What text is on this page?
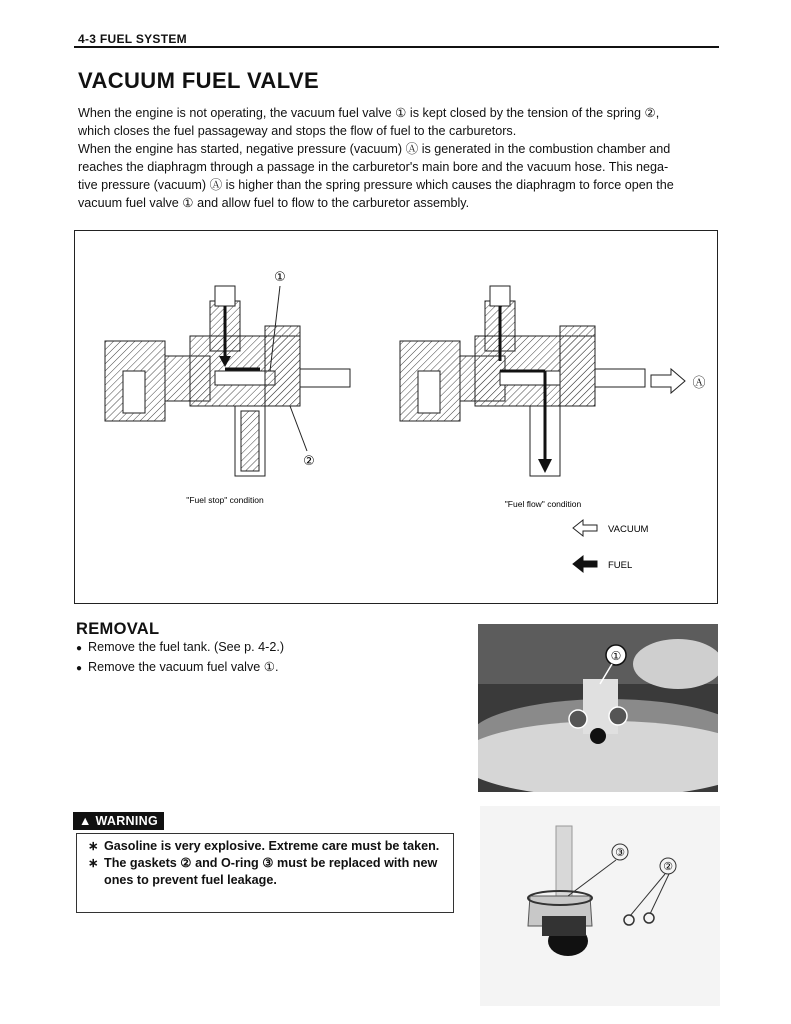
4-3 FUEL SYSTEM
VACUUM FUEL VALVE

When the engine is not operating, the vacuum fuel valve ① is kept closed by the tension of the spring ②,

which closes the fuel passageway and stops the flow of fuel to the carburetors.

When the engine has started, negative pressure (vacuum) Ⓐ is generated in the combustion chamber and

reaches the diaphragm through a passage in the carburetor's main bore and the vacuum hose. This nega-

tive pressure (vacuum) Ⓐ is higher than the spring pressure which causes the diaphragm to force open the

vacuum fuel valve ① and allow fuel to flow to the carburetor assembly.

①
②
Ⓐ
"Fuel stop" condition	"Fuel flow" condition
VACUUM
FUEL
REMOVAL
● Remove the fuel tank. (See p. 4-2.)
● Remove the vacuum fuel valve ①.
①
▲ WARNING
∗ Gasoline is very explosive. Extreme care must be taken.
∗ The gaskets ② and O-ring ③ must be replaced with new ones to prevent fuel leakage.
③
②
